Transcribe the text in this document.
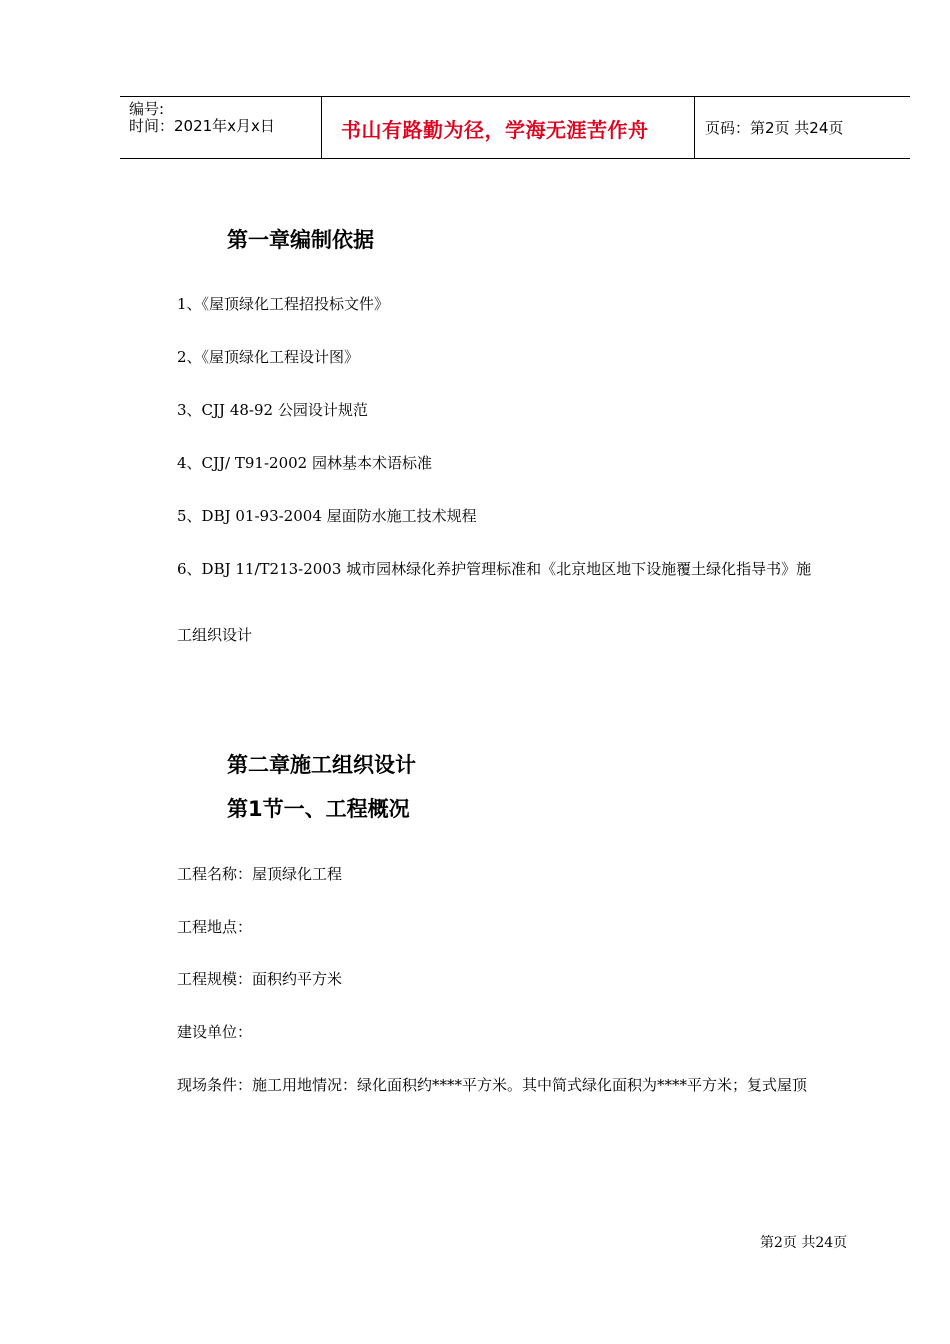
编号:
时间：2021年x月x日	书山有路勤为径，学海无涯苦作舟	页码：第2页 共24页
第一章编制依据
1、《屋顶绿化工程招投标文件》
2、《屋顶绿化工程设计图》
3、CJJ 48-92 公园设计规范
4、CJJ/ T91-2002 园林基本术语标准
5、DBJ 01-93-2004 屋面防水施工技术规程
6、DBJ 11/T213-2003 城市园林绿化养护管理标准和《北京地区地下设施覆土绿化指导书》施
工组织设计
第二章施工组织设计
第1节一、工程概况
工程名称：屋顶绿化工程
工程地点：
工程规模：面积约平方米
建设单位：
现场条件：施工用地情况：绿化面积约****平方米。其中简式绿化面积为****平方米；复式屋顶
第2页 共24页
